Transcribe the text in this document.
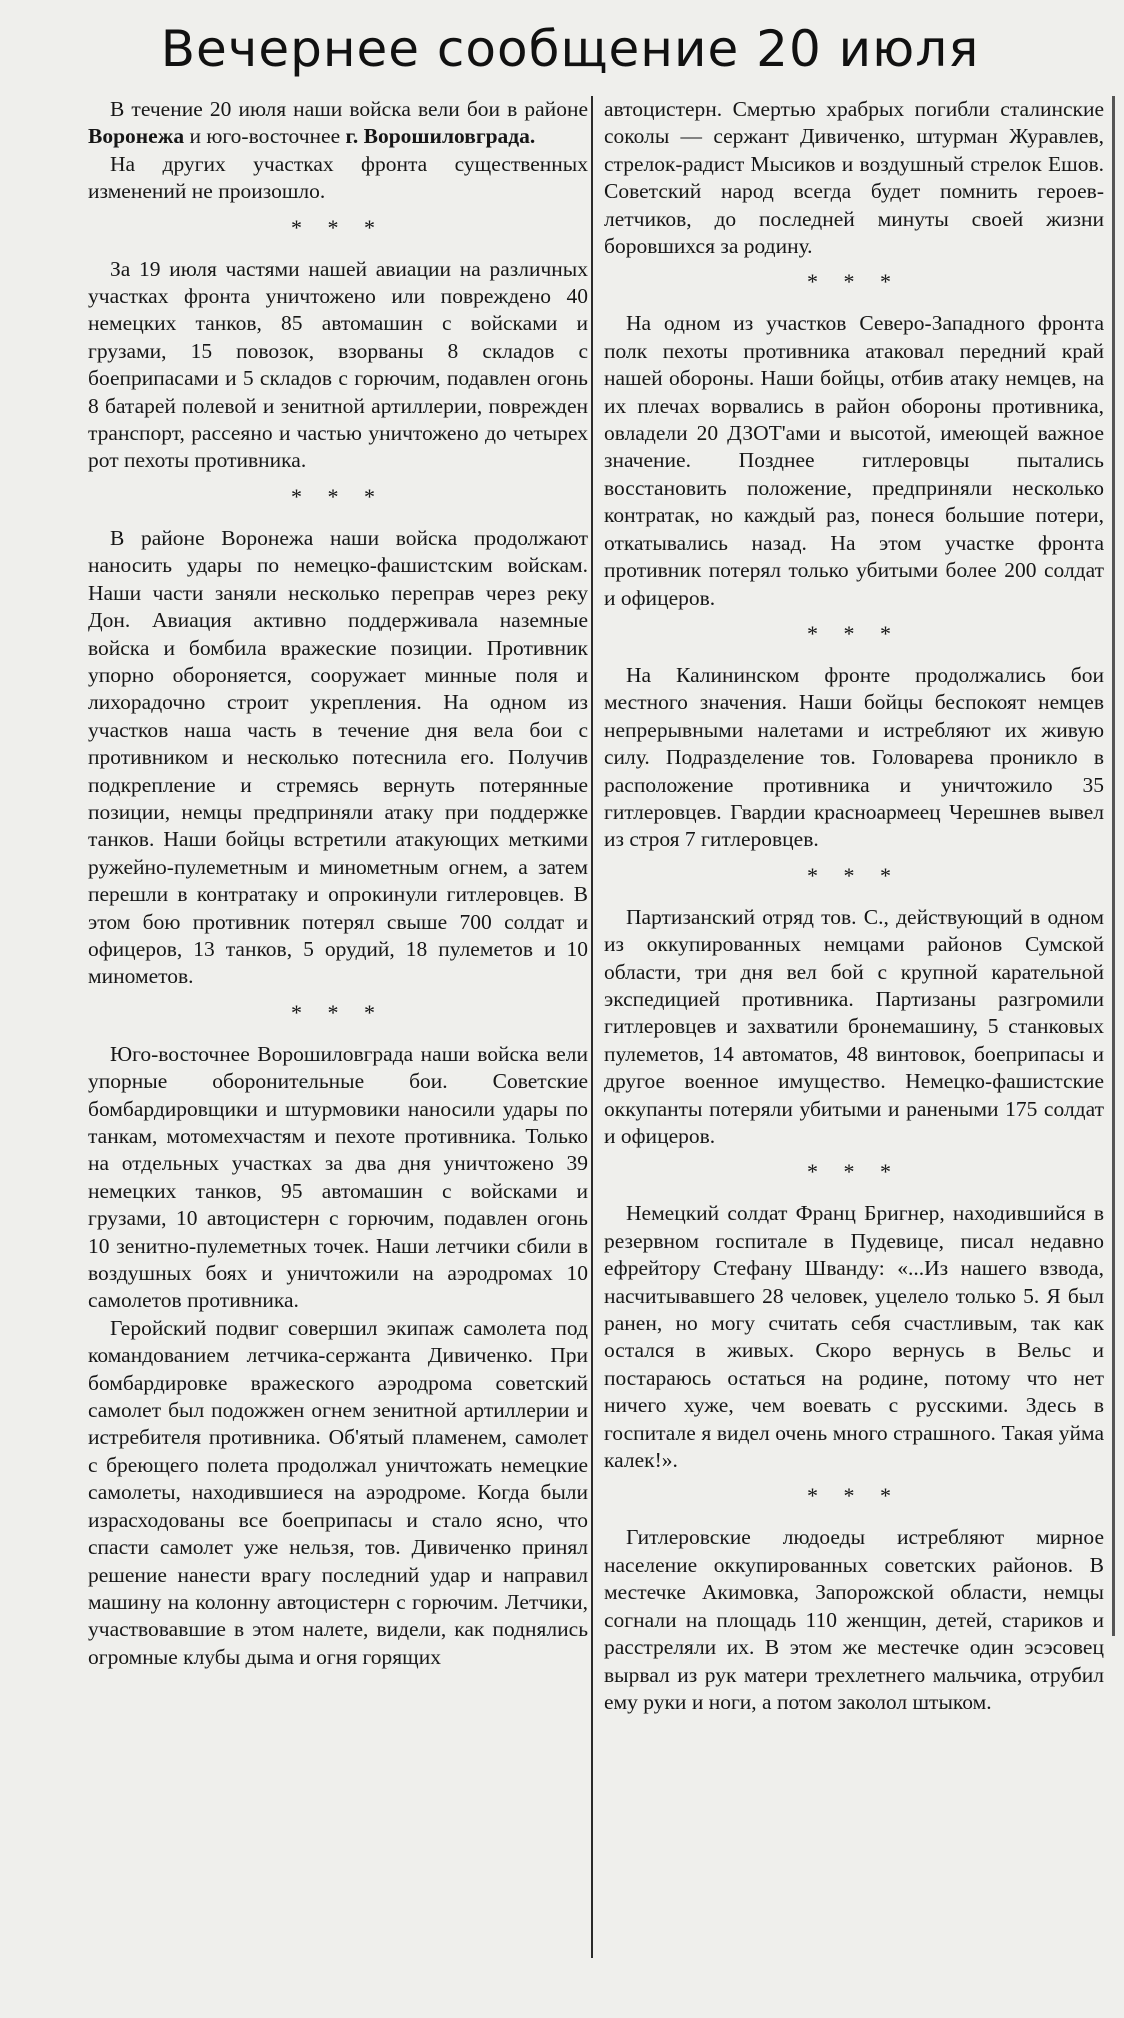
Вечернее сообщение 20 июля

В течение 20 июля наши войска вели бои в районе Воронежа и юго-восточнее г. Ворошиловграда.

На других участках фронта существенных изменений не произошло.

* * *

За 19 июля частями нашей авиации на различных участках фронта уничтожено или повреждено 40 немецких танков, 85 автомашин с войсками и грузами, 15 повозок, взорваны 8 складов с боеприпасами и 5 складов с горючим, подавлен огонь 8 батарей полевой и зенитной артиллерии, поврежден транспорт, рассеяно и частью уничтожено до четырех рот пехоты противника.

* * *

В районе Воронежа наши войска продолжают наносить удары по немецко-фашистским войскам. Наши части заняли несколько переправ через реку Дон. Авиация активно поддерживала наземные войска и бомбила вражеские позиции. Противник упорно обороняется, сооружает минные поля и лихорадочно строит укрепления. На одном из участков наша часть в течение дня вела бои с противником и несколько потеснила его. Получив подкрепление и стремясь вернуть потерянные позиции, немцы предприняли атаку при поддержке танков. Наши бойцы встретили атакующих меткими ружейно-пулеметным и минометным огнем, а затем перешли в контратаку и опрокинули гитлеровцев. В этом бою противник потерял свыше 700 солдат и офицеров, 13 танков, 5 орудий, 18 пулеметов и 10 минометов.

* * *

Юго-восточнее Ворошиловграда наши войска вели упорные оборонительные бои. Советские бомбардировщики и штурмовики наносили удары по танкам, мотомехчастям и пехоте противника. Только на отдельных участках за два дня уничтожено 39 немецких танков, 95 автомашин с войсками и грузами, 10 автоцистерн с горючим, подавлен огонь 10 зенитно-пулеметных точек. Наши летчики сбили в воздушных боях и уничтожили на аэродромах 10 самолетов противника.

Геройский подвиг совершил экипаж самолета под командованием летчика-сержанта Дивиченко. При бомбардировке вражеского аэродрома советский самолет был подожжен огнем зенитной артиллерии и истребителя противника. Об'ятый пламенем, самолет с бреющего полета продолжал уничтожать немецкие самолеты, находившиеся на аэродроме. Когда были израсходованы все боеприпасы и стало ясно, что спасти самолет уже нельзя, тов. Дивиченко принял решение нанести врагу последний удар и направил машину на колонну автоцистерн с горючим. Летчики, участвовавшие в этом налете, видели, как поднялись огромные клубы дыма и огня горящих

автоцистерн. Смертью храбрых погибли сталинские соколы — сержант Дивиченко, штурман Журавлев, стрелок-радист Мысиков и воздушный стрелок Ешов. Советский народ всегда будет помнить героев-летчиков, до последней минуты своей жизни боровшихся за родину.

* * *

На одном из участков Северо-Западного фронта полк пехоты противника атаковал передний край нашей обороны. Наши бойцы, отбив атаку немцев, на их плечах ворвались в район обороны противника, овладели 20 ДЗОТ'ами и высотой, имеющей важное значение. Позднее гитлеровцы пытались восстановить положение, предприняли несколько контратак, но каждый раз, понеся большие потери, откатывались назад. На этом участке фронта противник потерял только убитыми более 200 солдат и офицеров.

* * *

На Калининском фронте продолжались бои местного значения. Наши бойцы беспокоят немцев непрерывными налетами и истребляют их живую силу. Подразделение тов. Головарева проникло в расположение противника и уничтожило 35 гитлеровцев. Гвардии красноармеец Черешнев вывел из строя 7 гитлеровцев.

* * *

Партизанский отряд тов. С., действующий в одном из оккупированных немцами районов Сумской области, три дня вел бой с крупной карательной экспедицией противника. Партизаны разгромили гитлеровцев и захватили бронемашину, 5 станковых пулеметов, 14 автоматов, 48 винтовок, боеприпасы и другое военное имущество. Немецко-фашистские оккупанты потеряли убитыми и ранеными 175 солдат и офицеров.

* * *

Немецкий солдат Франц Бригнер, находившийся в резервном госпитале в Пудевице, писал недавно ефрейтору Стефану Шванду: «...Из нашего взвода, насчитывавшего 28 человек, уцелело только 5. Я был ранен, но могу считать себя счастливым, так как остался в живых. Скоро вернусь в Вельс и постараюсь остаться на родине, потому что нет ничего хуже, чем воевать с русскими. Здесь в госпитале я видел очень много страшного. Такая уйма калек!».

* * *

Гитлеровские людоеды истребляют мирное население оккупированных советских районов. В местечке Акимовка, Запорожской области, немцы согнали на площадь 110 женщин, детей, стариков и расстреляли их. В этом же местечке один эсэсовец вырвал из рук матери трехлетнего мальчика, отрубил ему руки и ноги, а потом заколол штыком.
